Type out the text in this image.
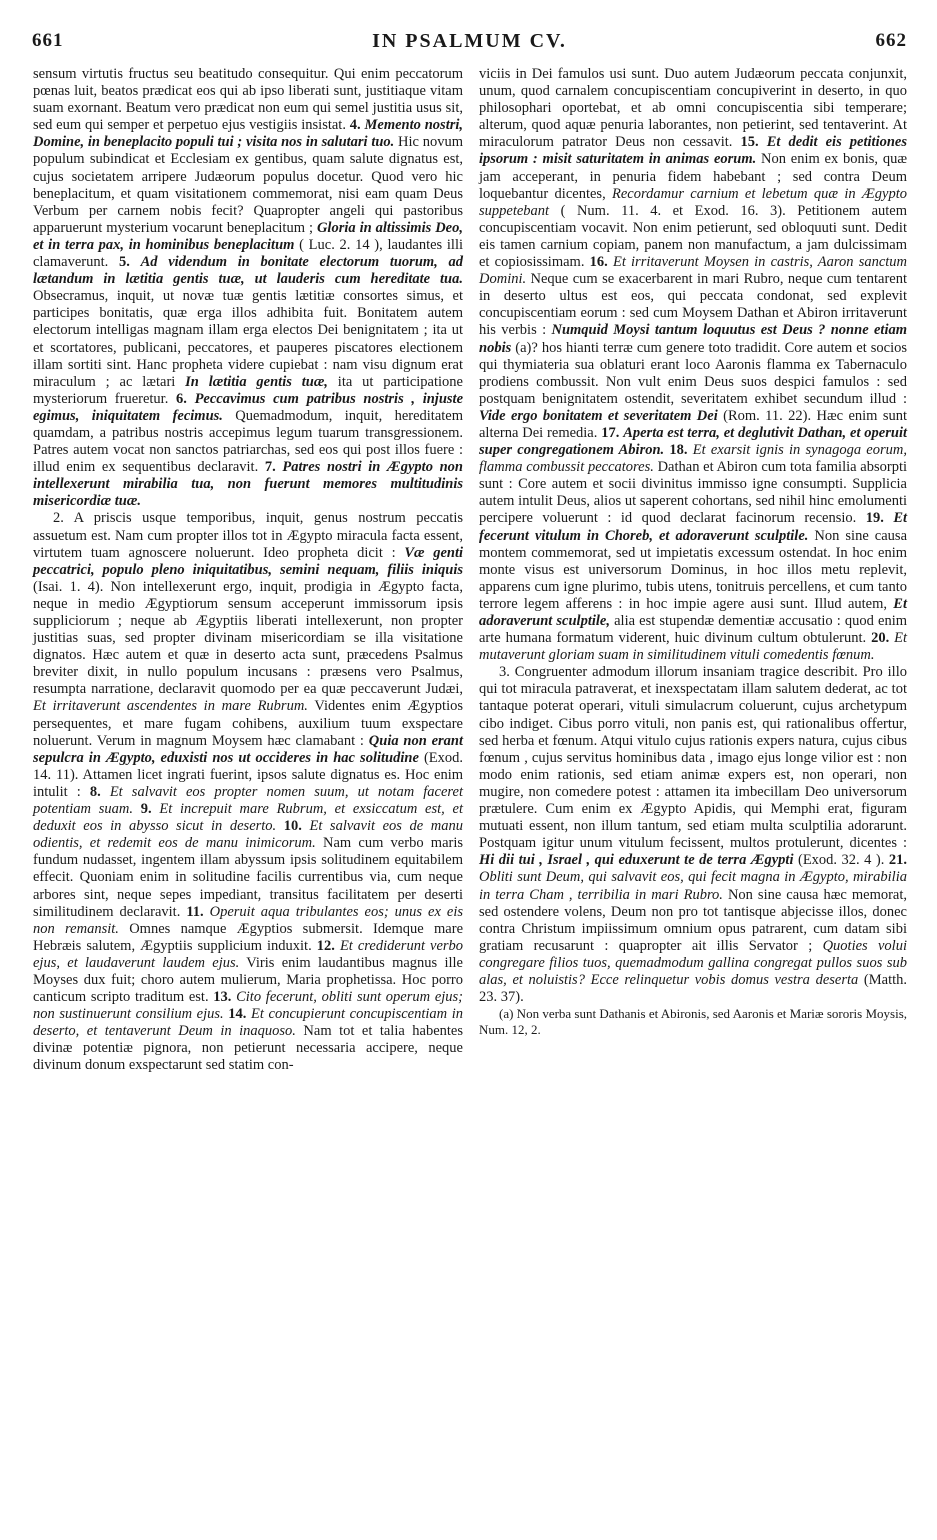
661	IN PSALMUM CV.	662

sensum virtutis fructus seu beatitudo consequitur. Qui enim peccatorum pœnas luit, beatos prædicat eos qui ab ipso liberati sunt, justitiaque vitam suam exornant. Beatum vero prædicat non eum qui semel justitia usus sit, sed eum qui semper et perpetuo ejus vestigiis insistat. 4. Memento nostri, Domine, in beneplacito populi tui ; visita nos in salutari tuo. Hic novum populum subindicat et Ecclesiam ex gentibus, quam salute dignatus est, cujus societatem arripere Judæorum populus docetur. Quod vero hic beneplacitum, et quam visitationem commemorat, nisi eam quam Deus Verbum per carnem nobis fecit? Quapropter angeli qui pastoribus apparuerunt mysterium vocarunt beneplacitum ; Gloria in altissimis Deo, et in terra pax, in hominibus beneplacitum ( Luc. 2. 14 ), laudantes illi clamaverunt. 5. Ad videndum in bonitate electorum tuorum, ad lætandum in lætitia gentis tuæ, ut lauderis cum hereditate tua. Obsecramus, inquit, ut novæ tuæ gentis lætitiæ consortes simus, et participes bonitatis, quæ erga illos adhibita fuit. Bonitatem autem electorum intelligas magnam illam erga electos Dei benignitatem ; ita ut et scortatores, publicani, peccatores, et pauperes piscatores electionem illam sortiti sint. Hanc propheta videre cupiebat : nam visu dignum erat miraculum ; ac lætari In lætitia gentis tuæ, ita ut participatione mysteriorum frueretur. 6. Peccavimus cum patribus nostris , injuste egimus, iniquitatem fecimus. Quemadmodum, inquit, hereditatem quamdam, a patribus nostris accepimus legum tuarum transgressionem. Patres autem vocat non sanctos patriarchas, sed eos qui post illos fuere : illud enim ex sequentibus declaravit. 7. Patres nostri in Ægypto non intellexerunt mirabilia tua, non fuerunt memores multitudinis misericordiæ tuæ.

2. A priscis usque temporibus, inquit, genus nostrum peccatis assuetum est. Nam cum propter illos tot in Ægypto miracula facta essent, virtutem tuam agnoscere noluerunt. Ideo propheta dicit : Væ genti peccatrici, populo pleno iniquitatibus, semini nequam, filiis iniquis (Isai. 1. 4). Non intellexerunt ergo, inquit, prodigia in Ægypto facta, neque in medio Ægyptiorum sensum acceperunt immissorum ipsis suppliciorum ; neque ab Ægyptiis liberati intellexerunt, non propter justitias suas, sed propter divinam misericordiam se illa visitatione dignatos. Hæc autem et quæ in deserto acta sunt, præcedens Psalmus breviter dixit, in nullo populum incusans : præsens vero Psalmus, resumpta narratione, declaravit quomodo per ea quæ peccaverunt Judæi, Et irritaverunt ascendentes in mare Rubrum. Videntes enim Ægyptios persequentes, et mare fugam cohibens, auxilium tuum exspectare noluerunt. Verum in magnum Moysem hæc clamabant : Quia non erant sepulcra in Ægypto, eduxisti nos ut occideres in hac solitudine (Exod. 14. 11). Attamen licet ingrati fuerint, ipsos salute dignatus es. Hoc enim intulit : 8. Et salvavit eos propter nomen suum, ut notam faceret potentiam suam. 9. Et increpuit mare Rubrum, et exsiccatum est, et deduxit eos in abysso sicut in deserto. 10. Et salvavit eos de manu odientis, et redemit eos de manu inimicorum. Nam cum verbo maris fundum nudasset, ingentem illam abyssum ipsis solitudinem equitabilem effecit. Quoniam enim in solitudine facilis currentibus via, cum neque arbores sint, neque sepes impediant, transitus facilitatem per deserti similitudinem declaravit. 11. Operuit aqua tribulantes eos; unus ex eis non remansit. Omnes namque Ægyptios submersit. Idemque mare Hebræis salutem, Ægyptiis supplicium induxit. 12. Et crediderunt verbo ejus, et laudaverunt laudem ejus. Viris enim laudantibus magnus ille Moyses dux fuit; choro autem mulierum, Maria prophetissa. Hoc porro canticum scripto traditum est. 13. Cito fecerunt, obliti sunt operum ejus; non sustinuerunt consilium ejus. 14. Et concupierunt concupiscentiam in deserto, et tentaverunt Deum in inaquoso. Nam tot et talia habentes divinæ potentiæ pignora, non petierunt necessaria accipere, neque divinum donum exspectarunt sed statim con-

viciis in Dei famulos usi sunt. Duo autem Judæorum peccata conjunxit, unum, quod carnalem concupiscentiam concupiverint in deserto, in quo philosophari oportebat, et ab omni concupiscentia sibi temperare; alterum, quod aquæ penuria laborantes, non petierint, sed tentaverint. At miraculorum patrator Deus non cessavit. 15. Et dedit eis petitiones ipsorum : misit saturitatem in animas eorum. Non enim ex bonis, quæ jam acceperant, in penuria fidem habebant ; sed contra Deum loquebantur dicentes, Recordamur carnium et lebetum quæ in Ægypto suppetebant ( Num. 11. 4. et Exod. 16. 3). Petitionem autem concupiscentiam vocavit. Non enim petierunt, sed obloquuti sunt. Dedit eis tamen carnium copiam, panem non manufactum, a jam dulcissimam et copiosissimam. 16. Et irritaverunt Moysen in castris, Aaron sanctum Domini. Neque cum se exacerbarent in mari Rubro, neque cum tentarent in deserto ultus est eos, qui peccata condonat, sed explevit concupiscentiam eorum : sed cum Moysem Dathan et Abiron irritaverunt his verbis : Numquid Moysi tantum loquutus est Deus ? nonne etiam nobis (a)? hos hianti terræ cum genere toto tradidit. Core autem et socios qui thymiateria sua oblaturi erant loco Aaronis flamma ex Tabernaculo prodiens combussit. Non vult enim Deus suos despici famulos : sed postquam benignitatem ostendit, severitatem exhibet secundum illud : Vide ergo bonitatem et severitatem Dei (Rom. 11. 22). Hæc enim sunt alterna Dei remedia. 17. Aperta est terra, et deglutivit Dathan, et operuit super congregationem Abiron. 18. Et exarsit ignis in synagoga eorum, flamma combussit peccatores. Dathan et Abiron cum tota familia absorpti sunt : Core autem et socii divinitus immisso igne consumpti. Supplicia autem intulit Deus, alios ut saperent cohortans, sed nihil hinc emolumenti percipere voluerunt : id quod declarat facinorum recensio. 19. Et fecerunt vitulum in Choreb, et adoraverunt sculptile. Non sine causa montem commemorat, sed ut impietatis excessum ostendat. In hoc enim monte visus est universorum Dominus, in hoc illos metu replevit, apparens cum igne plurimo, tubis utens, tonitruis percellens, et cum tanto terrore legem afferens : in hoc impie agere ausi sunt. Illud autem, Et adoraverunt sculptile, alia est stupendæ dementiæ accusatio : quod enim arte humana formatum viderent, huic divinum cultum obtulerunt. 20. Et mutaverunt gloriam suam in similitudinem vituli comedentis fœnum.

3. Congruenter admodum illorum insaniam tragice describit. Pro illo qui tot miracula patraverat, et inexspectatam illam salutem dederat, ac tot tantaque poterat operari, vituli simulacrum coluerunt, cujus archetypum cibo indiget. Cibus porro vituli, non panis est, qui rationalibus offertur, sed herba et fœnum. Atqui vitulo cujus rationis expers natura, cujus cibus fœnum , cujus servitus hominibus data , imago ejus longe vilior est : non modo enim rationis, sed etiam animæ expers est, non operari, non mugire, non comedere potest : attamen ita imbecillam Deo universorum prætulere. Cum enim ex Ægypto Apidis, qui Memphi erat, figuram mutuati essent, non illum tantum, sed etiam multa sculptilia adorarunt. Postquam igitur unum vitulum fecissent, multos protulerunt, dicentes : Hi dii tui , Israel , qui eduxerunt te de terra Ægypti (Exod. 32. 4 ). 21. Obliti sunt Deum, qui salvavit eos, qui fecit magna in Ægypto, mirabilia in terra Cham , terribilia in mari Rubro. Non sine causa hæc memorat, sed ostendere volens, Deum non pro tot tantisque abjecisse illos, donec contra Christum impiissimum omnium opus patrarent, cum datam sibi gratiam recusarunt : quapropter ait illis Servator ; Quoties volui congregare filios tuos, quemadmodum gallina congregat pullos suos sub alas, et noluistis? Ecce relinquetur vobis domus vestra deserta (Matth. 23. 37).

(a) Non verba sunt Dathanis et Abironis, sed Aaronis et Mariæ sororis Moysis, Num. 12, 2.
